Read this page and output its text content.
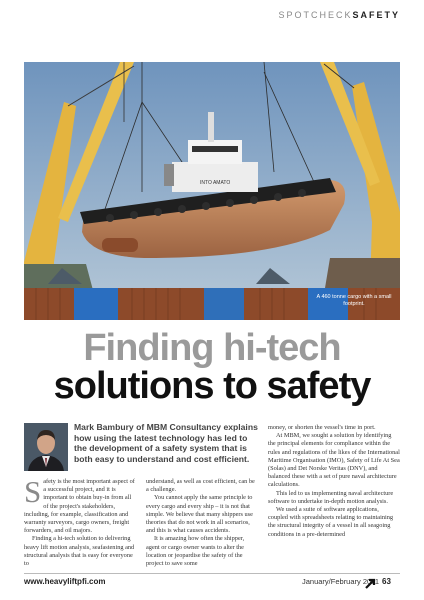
SPOTCHECKSAFETY
INTO AMATO
A 460 tonne cargo with a small footprint.
Finding hi-tech
solutions to safety
Mark Bambury of MBM Consultancy explains how using the latest technology has led to the development of a safety system that is both easy to understand and cost efficient.

Safety is the most important aspect of a successful project, and it is important to obtain buy-in from all of the project's stakeholders, including, for example, classification and warranty surveyors, cargo owners, freight forwarders, and oil majors.

Finding a hi-tech solution to delivering heavy lift motion analysis, seafastening and structural analysis that is easy for everyone to

understand, as well as cost efficient, can be a challenge.

You cannot apply the same principle to every cargo and every ship – it is not that simple. We believe that many shippers use theories that do not work in all scenarios, and this is what causes accidents.

It is amazing how often the shipper, agent or cargo owner wants to alter the location or jeopardise the safety of the project to save some

money, or shorten the vessel's time in port.

At MBM, we sought a solution by identifying the principal elements for compliance within the rules and regulations of the likes of the International Maritime Organisation (IMO), Safety of Life At Sea (Solas) and Det Norske Veritas (DNV), and balanced these with a set of pure naval architecture calculations.

This led to us implementing naval architecture software to undertake in-depth motion analysis.

We used a suite of software applications, coupled with spreadsheets relating to maintaining the structural integrity of a vessel in all seagoing conditions in a pre-determined

www.heavyliftpfi.com	January/February 2011 63
